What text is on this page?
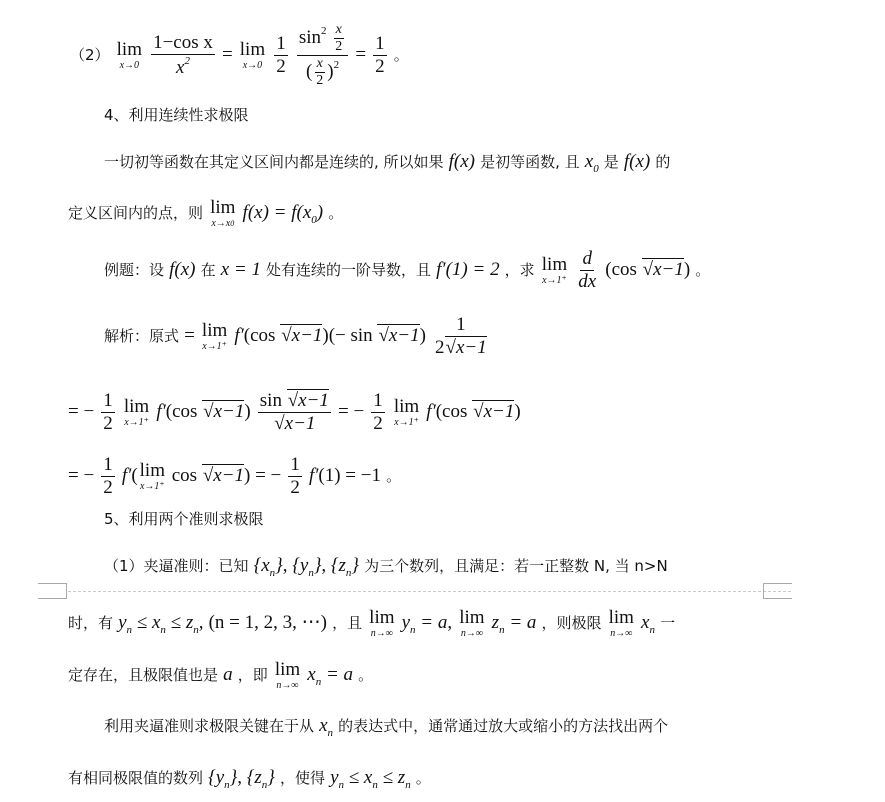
（2） lim
x→0
$\frac{\text{1−cos x}}{x^2} = \lim$
x→0
$\frac{1}{2}$
$\frac{\sin^2 \frac{x}{2}}{( \frac{x}{2} )^2} = \frac{1}{2}$ 。
4、利用连续性求极限
一切初等函数在其定义区间内都是连续的, 所以如果 f(x) 是初等函数, 且 $x_0$ 是 f(x) 的
定义区间内的点，则 lim
x→x0
$f(x) = f(x_0)$ 。
例题：设 f(x) 在 x = 1 处有连续的一阶导数，且 f′(1) = 2 ，求 lim
x→1⁺
$\frac{d}{dx} (\cos$ √x−1) 。
解析：原式 = lim
x→1⁺
f′(cos $√x-1)(- \sin √x-1) \frac{1}{2√x-1}$
= − $\frac{1}{2}$
lim
x→1⁺
f′(cos $√x-1) \frac{\sin √x-1}{√x-1}$ = − $\frac{1}{2}$
lim
x→1⁺
f′(cos √x−1)
= − $\frac{1}{2} f'$( lim
x→1⁺
cos √x−1) = − $\frac{1}{2} f'(1) = -1$ 。
5、利用两个准则求极限
（1）夹逼准则：已知 $\{x_n\}$, $\{y_n\}$, $\{z_n\}$ 为三个数列，且满足：若一正整数 N, 当 n>N
时，有 $y_n \le x_n \le z_n$, (n = 1, 2, 3, ⋯) ，且 lim
n→∞
$y_n = a$, lim
n→∞
$z_n = a$ ，则极限 lim
n→∞
$x_n$ 一
定存在，且极限值也是 a ，即 lim
n→∞
$x_n = a$ 。
利用夹逼准则求极限关键在于从 $x_n$ 的表达式中，通常通过放大或缩小的方法找出两个
有相同极限值的数列 $\{y_n\}$, $\{z_n\}$ ，使得 $y_n \le x_n \le z_n$ 。
